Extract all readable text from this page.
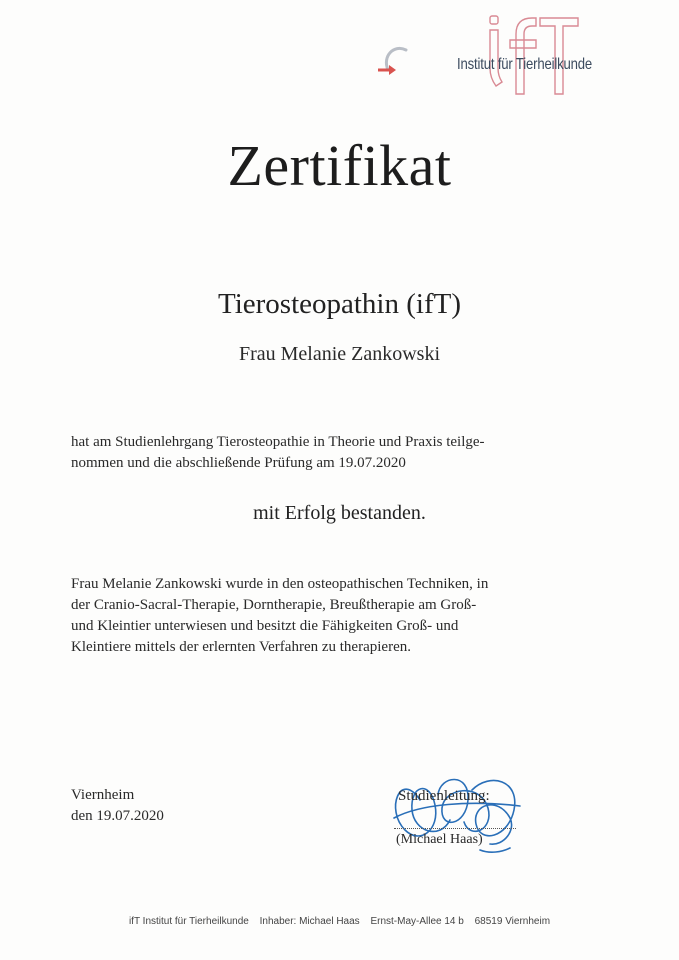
Institut für Tierheilkunde
Zertifikat
Tierosteopathin (ifT)
Frau Melanie Zankowski
hat am Studienlehrgang Tierosteopathie in Theorie und Praxis teilge-
nommen und die abschließende Prüfung am 19.07.2020
mit Erfolg bestanden.
Frau Melanie Zankowski wurde in den osteopathischen Techniken, in
der Cranio-Sacral-Therapie, Dorntherapie, Breußtherapie am Groß-
und Kleintier unterwiesen und besitzt die Fähigkeiten Groß- und
Kleintiere mittels der erlernten Verfahren zu therapieren.
Viernheim
den 19.07.2020
Studienleitung:
(Michael Haas)
ifT Institut für Tierheilkunde Inhaber: Michael Haas Ernst-May-Allee 14 b 68519 Viernheim
